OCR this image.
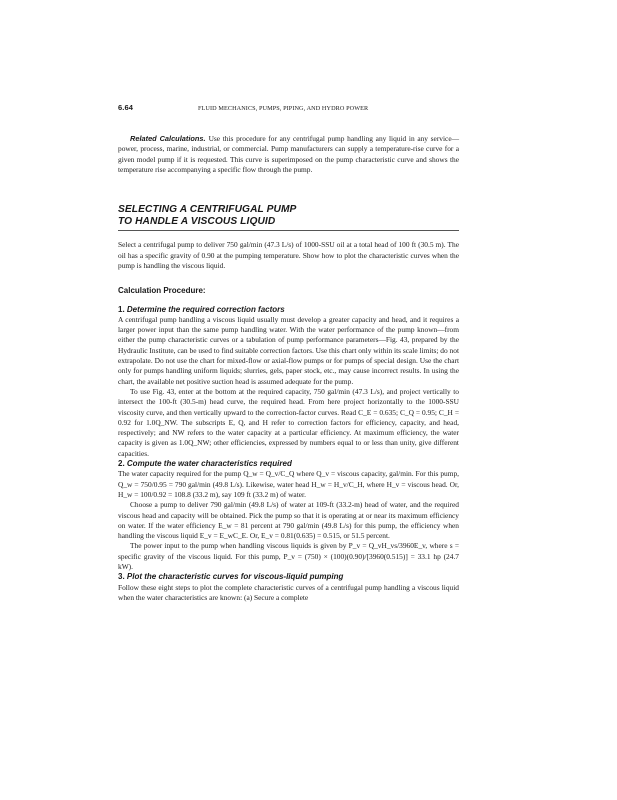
6.64	FLUID MECHANICS, PUMPS, PIPING, AND HYDRO POWER

Related Calculations. Use this procedure for any centrifugal pump handling any liquid in any service—power, process, marine, industrial, or commercial. Pump manufacturers can supply a temperature-rise curve for a given model pump if it is requested. This curve is superimposed on the pump characteristic curve and shows the temperature rise accompanying a specific flow through the pump.

SELECTING A CENTRIFUGAL PUMP

TO HANDLE A VISCOUS LIQUID

Select a centrifugal pump to deliver 750 gal/min (47.3 L/s) of 1000-SSU oil at a total head of 100 ft (30.5 m). The oil has a specific gravity of 0.90 at the pumping temperature. Show how to plot the characteristic curves when the pump is handling the viscous liquid.

Calculation Procedure:

1. Determine the required correction factors

A centrifugal pump handling a viscous liquid usually must develop a greater capacity and head, and it requires a larger power input than the same pump handling water. With the water performance of the pump known—from either the pump characteristic curves or a tabulation of pump performance parameters—Fig. 43, prepared by the Hydraulic Institute, can be used to find suitable correction factors. Use this chart only within its scale limits; do not extrapolate. Do not use the chart for mixed-flow or axial-flow pumps or for pumps of special design. Use the chart only for pumps handling uniform liquids; slurries, gels, paper stock, etc., may cause incorrect results. In using the chart, the available net positive suction head is assumed adequate for the pump.

To use Fig. 43, enter at the bottom at the required capacity, 750 gal/min (47.3 L/s), and project vertically to intersect the 100-ft (30.5-m) head curve, the required head. From here project horizontally to the 1000-SSU viscosity curve, and then vertically upward to the correction-factor curves. Read C_E = 0.635; C_Q = 0.95; C_H = 0.92 for 1.0Q_NW. The subscripts E, Q, and H refer to correction factors for efficiency, capacity, and head, respectively; and NW refers to the water capacity at a particular efficiency. At maximum efficiency, the water capacity is given as 1.0Q_NW; other efficiencies, expressed by numbers equal to or less than unity, give different capacities.

2. Compute the water characteristics required

The water capacity required for the pump Q_w = Q_v/C_Q where Q_v = viscous capacity, gal/min. For this pump, Q_w = 750/0.95 = 790 gal/min (49.8 L/s). Likewise, water head H_w = H_v/C_H, where H_v = viscous head. Or, H_w = 100/0.92 = 108.8 (33.2 m), say 109 ft (33.2 m) of water.

Choose a pump to deliver 790 gal/min (49.8 L/s) of water at 109-ft (33.2-m) head of water, and the required viscous head and capacity will be obtained. Pick the pump so that it is operating at or near its maximum efficiency on water. If the water efficiency E_w = 81 percent at 790 gal/min (49.8 L/s) for this pump, the efficiency when handling the viscous liquid E_v = E_wC_E. Or, E_v = 0.81(0.635) = 0.515, or 51.5 percent.

The power input to the pump when handling viscous liquids is given by P_v = Q_vH_vs/3960E_v, where s = specific gravity of the viscous liquid. For this pump, P_v = (750) × (100)(0.90)/[3960(0.515)] = 33.1 hp (24.7 kW).

3. Plot the characteristic curves for viscous-liquid pumping

Follow these eight steps to plot the complete characteristic curves of a centrifugal pump handling a viscous liquid when the water characteristics are known: (a) Secure a complete
